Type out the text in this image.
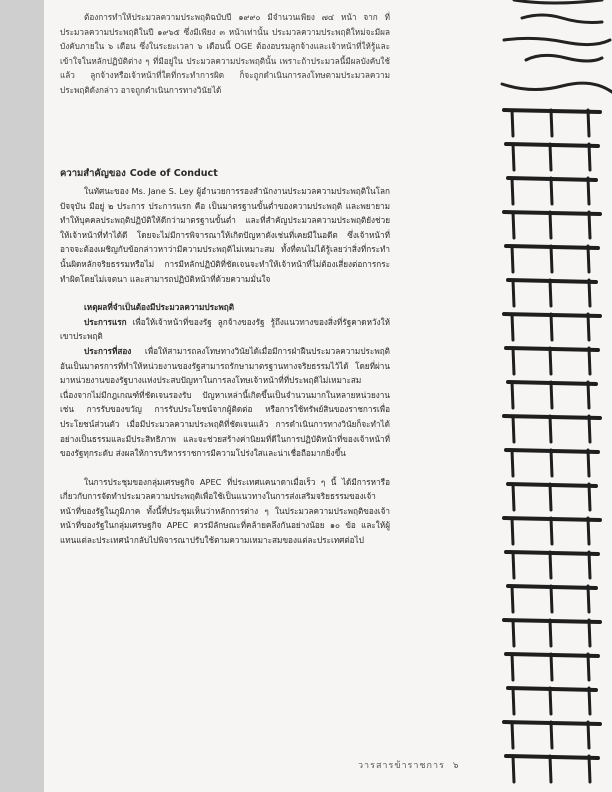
ต้องการทำให้ประมวลความประพฤติฉบับปี ๑๙๙๐ มีจำนวนเพียง ๗๔ หน้า จาก ที่ประมวลความประพฤติในปี ๑๙๖๕ ซึ่งมีเพียง ๓ หน้าเท่านั้น ประมวลความประพฤติใหม่จะมีผลบังคับภายใน ๖ เดือน ซึ่งในระยะเวลา ๖ เดือนนี้ OGE ต้องอบรมลูกจ้างและเจ้าหน้าที่ให้รู้และเข้าใจในหลักปฏิบัติต่าง ๆ ที่มีอยู่ใน ประมวลความประพฤตินั้น เพราะถ้าประมวลนี้มีผลบังคับใช้แล้ว ลูกจ้างหรือเจ้าหน้าที่ใดที่กระทำการผิด ก็จะถูกดำเนินการลงโทษตามประมวลความประพฤติดังกล่าว อาจถูกดำเนินการทางวินัยได้

ความสำคัญของ Code of Conduct

ในทัศนะของ Ms. Jane S. Ley ผู้อำนวยการรองสำนักงานประมวลความประพฤติในโลกปัจจุบัน มีอยู่ ๒ ประการ ประการแรก คือ เป็นมาตรฐานขั้นต่ำของความประพฤติ และพยายามทำให้บุคคลประพฤติปฏิบัติให้ดีกว่ามาตรฐานขั้นต่ำ และที่สำคัญประมวลความประพฤติยังช่วยให้เจ้าหน้าที่ทำได้ดี โดยจะไม่มีการพิจารณาให้เกิดปัญหาดังเช่นที่เคยมีในอดีต ซึ่งเจ้าหน้าที่อาจจะต้องเผชิญกับข้อกล่าวหาว่ามีความประพฤติไม่เหมาะสม ทั้งที่ตนไม่ได้รู้เลยว่าสิ่งที่กระทำนั้นผิดหลักจริยธรรมหรือไม่ การมีหลักปฏิบัติที่ชัดเจนจะทำให้เจ้าหน้าที่ไม่ต้องเสี่ยงต่อการกระทำผิดโดยไม่เจตนา และสามารถปฏิบัติหน้าที่ด้วยความมั่นใจ

เหตุผลที่จำเป็นต้องมีประมวลความประพฤติ

ประการแรก เพื่อให้เจ้าหน้าที่ของรัฐ ลูกจ้างของรัฐ รู้ถึงแนวทางของสิ่งที่รัฐคาดหวังให้เขาประพฤติ

ประการที่สอง เพื่อให้สามารถลงโทษทางวินัยได้เมื่อมีการฝ่าฝืนประมวลความประพฤติ อันเป็นมาตรการที่ทำให้หน่วยงานของรัฐสามารถรักษามาตรฐานทางจริยธรรมไว้ได้ โดยที่ผ่านมาหน่วยงานของรัฐบางแห่งประสบปัญหาในการลงโทษเจ้าหน้าที่ที่ประพฤติไม่เหมาะสม เนื่องจากไม่มีกฎเกณฑ์ที่ชัดเจนรองรับ ปัญหาเหล่านี้เกิดขึ้นเป็นจำนวนมากในหลายหน่วยงาน เช่น การรับของขวัญ การรับประโยชน์จากผู้ติดต่อ หรือการใช้ทรัพย์สินของราชการเพื่อประโยชน์ส่วนตัว เมื่อมีประมวลความประพฤติที่ชัดเจนแล้ว การดำเนินการทางวินัยก็จะทำได้อย่างเป็นธรรมและมีประสิทธิภาพ และจะช่วยสร้างค่านิยมที่ดีในการปฏิบัติหน้าที่ของเจ้าหน้าที่ของรัฐทุกระดับ ส่งผลให้การบริหารราชการมีความโปร่งใสและน่าเชื่อถือมากยิ่งขึ้น

ในการประชุมของกลุ่มเศรษฐกิจ APEC ที่ประเทศแคนาดาเมื่อเร็ว ๆ นี้ ได้มีการหารือเกี่ยวกับการจัดทำประมวลความประพฤติเพื่อใช้เป็นแนวทางในการส่งเสริมจริยธรรมของเจ้าหน้าที่ของรัฐในภูมิภาค ทั้งนี้ที่ประชุมเห็นว่าหลักการต่าง ๆ ในประมวลความประพฤติของเจ้าหน้าที่ของรัฐในกลุ่มเศรษฐกิจ APEC ควรมีลักษณะที่คล้ายคลึงกันอย่างน้อย ๑๐ ข้อ และให้ผู้แทนแต่ละประเทศนำกลับไปพิจารณาปรับใช้ตามความเหมาะสมของแต่ละประเทศต่อไป

วารสารข้าราชการ ๖
